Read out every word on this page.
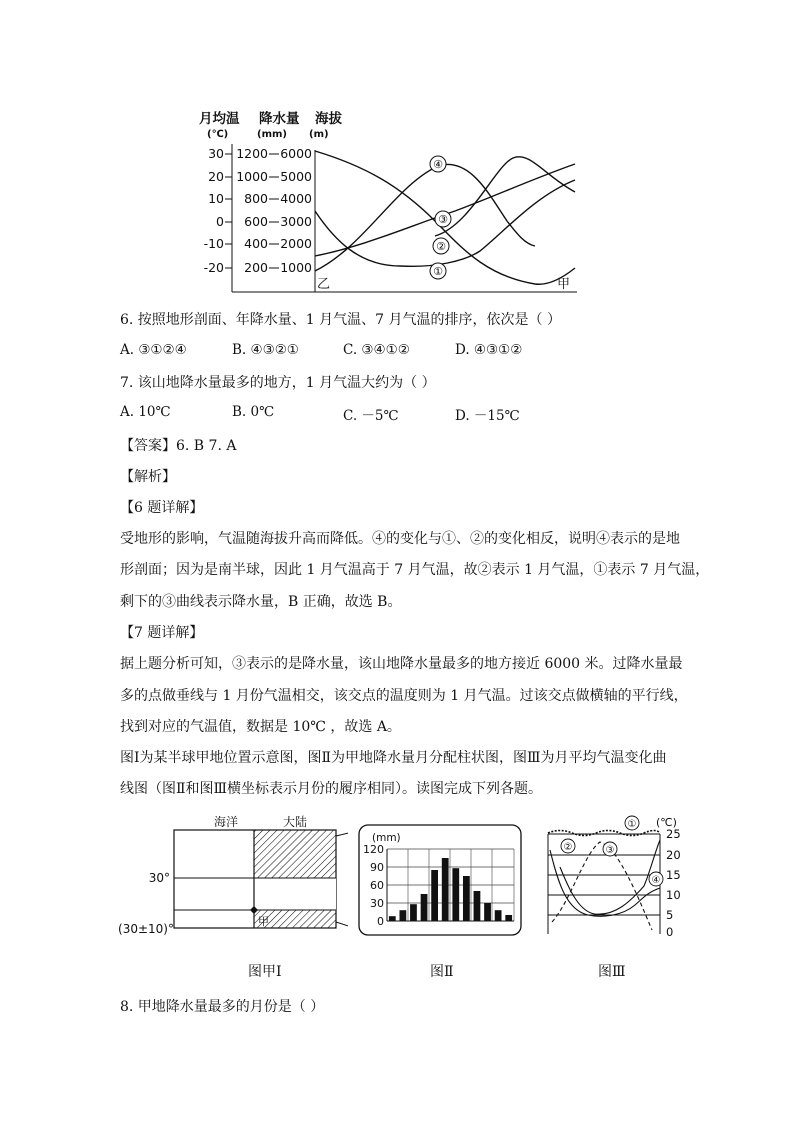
月均温 降水量 海拔
(℃)	(mm) (m)
30
20
10
0
-10
-20
1200
1000
800
600
400
200
6000
5000
4000
3000
2000
1000	①
②
③
④
乙	甲
6. 按照地形剖面、年降水量、1 月气温、7 月气温的排序，依次是（ ）
A. ③①②④	B. ④③②①	C. ③④①②	D. ④③①②
7. 该山地降水量最多的地方，1 月气温大约为（ ）
A. 10℃	B. 0℃	C. －5℃	D. －15℃
【答案】6. B 7. A
【解析】
【6 题详解】
受地形的影响，气温随海拔升高而降低。④的变化与①、②的变化相反，说明④表示的是地
形剖面；因为是南半球，因此 1 月气温高于 7 月气温，故②表示 1 月气温，①表示 7 月气温，
剩下的③曲线表示降水量，B 正确，故选 B。
【7 题详解】
据上题分析可知，③表示的是降水量，该山地降水量最多的地方接近 6000 米。过降水量最
多的点做垂线与 1 月份气温相交，该交点的温度则为 1 月气温。过该交点做横轴的平行线，
找到对应的气温值，数据是 10℃ ，故选 A。
图Ⅰ为某半球甲地位置示意图，图Ⅱ为甲地降水量月分配柱状图，图Ⅲ为月平均气温变化曲
线图（图Ⅱ和图Ⅲ横坐标表示月份的履序相同）。读图完成下列各题。
海洋	大陆
30°
(30±10)°
甲
(mm)
120
90
60
30
0
(℃)
25
20
15
10
5
0
①
②	③
④
图甲Ⅰ	图Ⅱ	图Ⅲ
8. 甲地降水量最多的月份是（ ）
